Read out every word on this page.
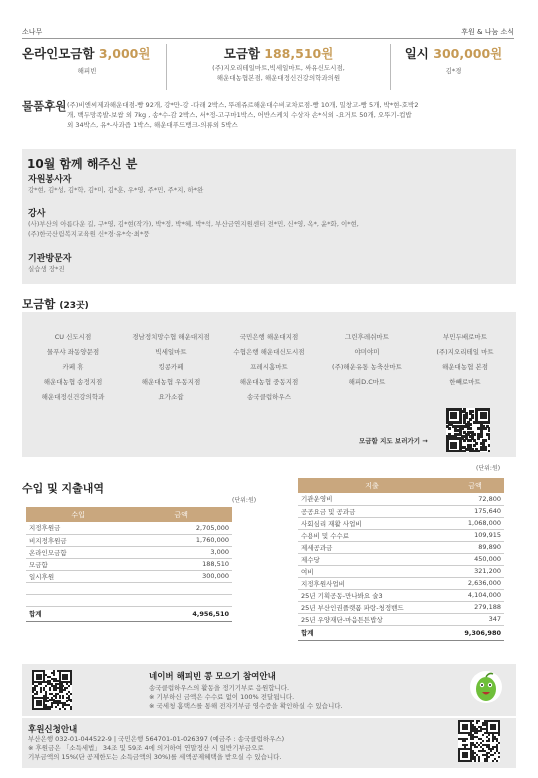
소나무	후원 & 나눔 소식
온라인모금함 3,000원
해피빈
모금함 188,510원
(주)지오리테일마트,빅세일마트, 싸유신도시점,
해운대농협본점, 해운대정신건강의학과의원
일시 300,000원
김*경
물품후원 (주)비엔씨제과해운대점-빵 92개, 강*만-강 -다래 2박스, 뚜레쥬르해운대수비교차로점-빵 10개, 밀창고-빵 5개, 박*현-호박2
개, 백두망족발-보쌈 외 7kg , 송*수-감 2박스, 서*정-고구마1박스, 어반스케치 수상자 손*식외 -요거트 50개, 오뚜기-컵밥
외 34박스, 유*-사과즙 1박스, 해운대푸드뱅크-의류외 5박스
10월 함께 해주신 분
자원봉사자
강*현, 김*성, 김*학, 김*미, 김*훈, 우*영, 주*민, 주*지, 하*완
강사
(사)부산의 아름다운 길, 구*영, 김*현(작가), 박*정, 박*혜, 박*석, 부산금연지원센터 전*민, 신*영, 옥*, 윤*화, 이*현,
(주)한국산림복지교육원 신*경·유*숙·최*풍
기관방문자
실습생 장*진
모금함 (23곳)
CU 신도시점	경남정치망수협 해운대지점	국민은행 해운대지점	그린후레쉬마트	부민두배로마트
물푸샤 좌동양문점	빅세일마트	수협은행 해운대신도시점	야미야미	(주)지오리테일 마트
카페 휴	킹콩카페	프레시홈마트	(주)해운유통 농축산마트	해운대농협 본점
해운대농협 송정지점	해운대농협 우동지점	해운대농협 중동지점	해피D.C마트	한빼로마트
해운대정신건강의학과	요가소잡	송국클럽하우스
모금함 지도 보러가기 →
(단위:원)
수입 및 지출내역
(단위:원)
수입	금액
지정후원금	2,705,000
비지정후원금	1,760,000
온라인모금함	3,000
모금함	188,510
일시후원	300,000

합계	4,956,510
지출	금액
기관운영비	72,800
공공요금 및 공과금	175,640
사회심리 재활 사업비	1,068,000
수용비 및 수수료	109,915
제세공과금	89,890
제수당	450,000
여비	321,200
지정후원사업비	2,636,000
25년 기획공동-만나봐요 술3	4,104,000
25년 부산인권플랫폼 파랑-청정밴드	279,188
25년 우양재단-마음튼튼밥상	347
합계	9,306,980
네이버 해피빈 콩 모으기 참여안내
송국클럽하우스의 활동을 정기기부로 응원합니다.
※ 기부하신 금액은 수수료 없이 100% 전달됩니다.
※ 국세청 홈택스를 통해 전자기부금 영수증을 확인하실 수 있습니다.
후원신청안내
부산은행 032-01-044522-9 | 국민은행 564701-01-026397 (예금주 : 송국클럽하우스)
※ 후원금은 「소득세법」 34조 및 59조 4에 의거하여 연말정산 시 일반기부금으로
기부금액의 15%(단 공제한도는 소득금액의 30%)를 세액공제혜택을 받으실 수 있습니다.
